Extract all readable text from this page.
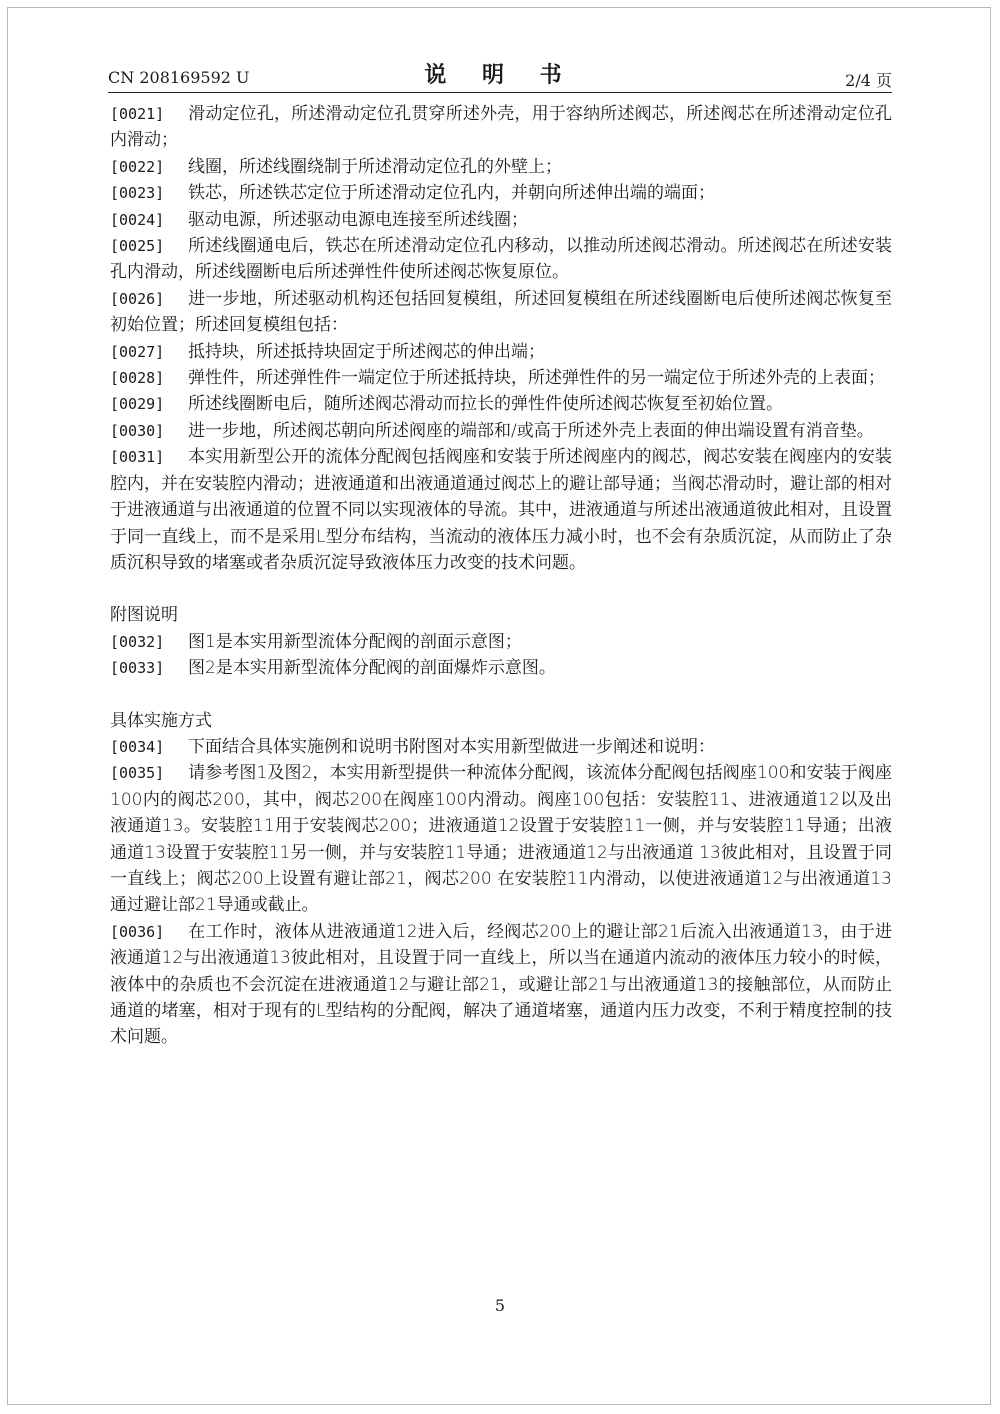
CN 208169592 U	说 明 书	2/4 页

[0021] 滑动定位孔，所述滑动定位孔贯穿所述外壳，用于容纳所述阀芯，所述阀芯在所述滑动定位孔内滑动；

[0022] 线圈，所述线圈绕制于所述滑动定位孔的外壁上；

[0023] 铁芯，所述铁芯定位于所述滑动定位孔内，并朝向所述伸出端的端面；

[0024] 驱动电源，所述驱动电源电连接至所述线圈；

[0025] 所述线圈通电后，铁芯在所述滑动定位孔内移动，以推动所述阀芯滑动。所述阀芯在所述安装孔内滑动，所述线圈断电后所述弹性件使所述阀芯恢复原位。

[0026] 进一步地，所述驱动机构还包括回复模组，所述回复模组在所述线圈断电后使所述阀芯恢复至初始位置；所述回复模组包括：

[0027] 抵持块，所述抵持块固定于所述阀芯的伸出端；

[0028] 弹性件，所述弹性件一端定位于所述抵持块，所述弹性件的另一端定位于所述外壳的上表面；

[0029] 所述线圈断电后，随所述阀芯滑动而拉长的弹性件使所述阀芯恢复至初始位置。

[0030] 进一步地，所述阀芯朝向所述阀座的端部和/或高于所述外壳上表面的伸出端设置有消音垫。

[0031] 本实用新型公开的流体分配阀包括阀座和安装于所述阀座内的阀芯，阀芯安装在阀座内的安装腔内，并在安装腔内滑动；进液通道和出液通道通过阀芯上的避让部导通；当阀芯滑动时，避让部的相对于进液通道与出液通道的位置不同以实现液体的导流。其中，进液通道与所述出液通道彼此相对，且设置于同一直线上，而不是采用L型分布结构，当流动的液体压力减小时，也不会有杂质沉淀，从而防止了杂质沉积导致的堵塞或者杂质沉淀导致液体压力改变的技术问题。

附图说明

[0032] 图1是本实用新型流体分配阀的剖面示意图；

[0033] 图2是本实用新型流体分配阀的剖面爆炸示意图。

具体实施方式

[0034] 下面结合具体实施例和说明书附图对本实用新型做进一步阐述和说明：

[0035] 请参考图1及图2，本实用新型提供一种流体分配阀，该流体分配阀包括阀座100和安装于阀座100内的阀芯200，其中，阀芯200在阀座100内滑动。阀座100包括：安装腔11、进液通道12以及出液通道13。安装腔11用于安装阀芯200；进液通道12设置于安装腔11一侧，并与安装腔11导通；出液通道13设置于安装腔11另一侧，并与安装腔11导通；进液通道12与出液通道 13彼此相对，且设置于同一直线上；阀芯200上设置有避让部21，阀芯200 在安装腔11内滑动，以使进液通道12与出液通道13通过避让部21导通或截止。

[0036] 在工作时，液体从进液通道12进入后，经阀芯200上的避让部21后流入出液通道13，由于进液通道12与出液通道13彼此相对，且设置于同一直线上，所以当在通道内流动的液体压力较小的时候，液体中的杂质也不会沉淀在进液通道12与避让部21，或避让部21与出液通道13的接触部位，从而防止通道的堵塞，相对于现有的L型结构的分配阀，解决了通道堵塞，通道内压力改变，不利于精度控制的技术问题。

5
